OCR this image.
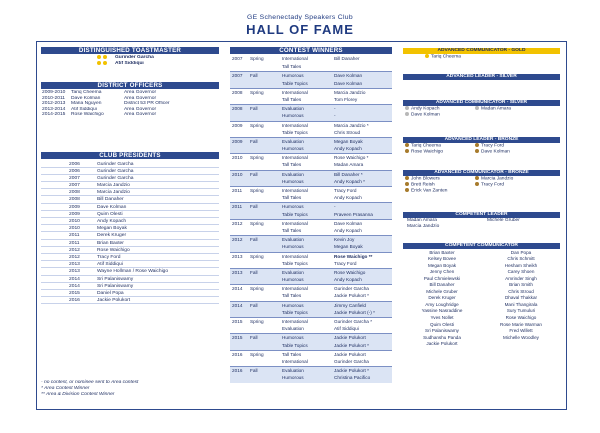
GE Schenectady Speakers Club
HALL OF FAME
DISTINGUISHED TOASTMASTER
Gurinder Garcha
Atif Siddiqui
DISTRICT OFFICERS
2009-2010 Tariq Cheema	Area Governor
2010-2011 Dave Kolman	Area Governor
2012-2013 Maria Nguyen	District 53 PR Officer
2013-2014 Atif Siddiqui	Area Governor
2014-2015 Rose Waichigo	Area Governor
CLUB PRESIDENTS
2006	Gurinder Garcha
2006	Gurinder Garcha
2007	Gurinder Garcha
2007	Marcia Jandzio
2008	Marcia Jandzio
2008	Bill Danaher
2009	Dave Kolman
2009	Quim Olesti
2010	Andy Kopach
2010	Megan Boyak
2011	Derek Kruger
2011	Brian Baxter
2012	Rose Waichigo
2012	Tracy Ford
2013	Atif Siddiqui
2013	Wayne Hollman / Rose Waichigo
2014	Sri Palaniswamy
2014	Sri Palaniswamy
2015	Daniel Popa
2016	Jackie Polukort
- no contest, or nominee sent to Area contest
* Area Contest Winner
** Area & Division Contest Winner
CONTEST WINNERS
2007 Spring	International	Bill Danaher
Tall Tales
2007 Fall	Humorous	Dave Kolman
Table Topics	Dave Kolman
2008 Spring	International	Marcia Jandzio
Tall Tales	Tom Florey
2008 Fall	Evaluation	-
Humorous	-
2009 Spring	International	Marcia Jandzio *
Table Topics	Chris Stroud
2009 Fall	Evaluation	Megan Boyak
Humorous	Andy Kopach
2010 Spring	International	Rose Waichigo *
Tall Tales	Madan Amara
2010 Fall	Evaluation	Bill Danaher *
Humorous	Andy Kopach *
2011 Spring	International	Tracy Ford
Tall Tales	Andy Kopach
2011 Fall	Humorous	-
Table Topics	Praveen Prasanna
2012 Spring	International	Dave Kolman
Tall Tales	Andy Kopach
2012 Fall	Evaluation	Kevin Joy
Humorous	Megan Boyak
2013 Spring	International	Rose Waichigo **
Table Topics	Tracy Ford
2013 Fall	Evaluation	Rose Waichigo
Humorous	Andy Kopach
2014 Spring	International	Gurinder Garcha
Tall Tales	Jackie Polukort *
2014 Fall	Humorous	Jimmy Canfield
Table Topics	Jackie Polukort (-) *
2015 Spring	International	Gurinder Garcha *
Evaluation	Atif Siddiqui
2015 Fall	Humorous	Jackie Polukort
Table Topics	Jackie Polukort *
2016 Spring	Tall Tales	Jackie Polukort
International	Gurinder Garcha
2016 Fall	Evaluation	Jackie Polukort *
Humorous	Christina Pacifico
ADVANCED COMMUNICATOR - GOLD
Tariq Cheema
ADVANCED LEADER - SILVER
ADVANCED COMMUNICATOR - SILVER
Andy Kopach	Madan Amara
Dave Kolman
ADVANCED LEADER - BRONZE
Tariq Cheema	Tracy Ford
Rose Waichigo	Dave Kolman
ADVANCED COMMUNICATOR - BRONZE
John Blowers	Marcia Jandzio
Brett Reish	Tracy Ford
Erick Van Zanten
COMPETENT LEADER
Madan Amara	Michele Gruber
Marcia Jandzio
COMPETENT COMMUNICATOR
Brian Baxter	Dan Popa
Kelsey Bovee	Chris Schmitt
Megan Boyak	Hesham Sheikh
Jenny Chen	Carey Shoen
Paul Chmielewski	Amrinder Singh
Bill Danaher	Brian Smith
Michele Gruber	Chris Stroud
Derek Kruger	Dhaval Thakkar
Amy Loughridge	Mani Thangirala
Yassine Nasraddine	Sury Tumuluri
Yves Nollet	Rose Waichigo
Quim Olesti	Rose Marie Warman
Sri Palaniswamy	Fred Willett
Sudhanshu Panda	Michelle Woodley
Jackie Polukort
